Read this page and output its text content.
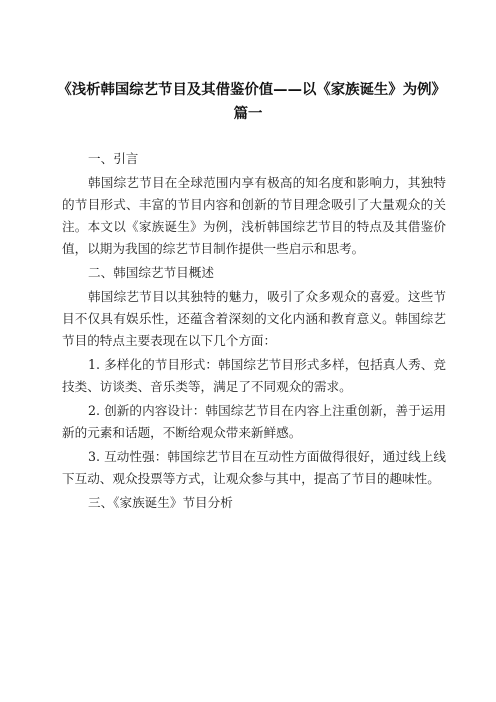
《浅析韩国综艺节目及其借鉴价值——以《家族诞生》为例》篇一

一、引言

韩国综艺节目在全球范围内享有极高的知名度和影响力，其独特的节目形式、丰富的节目内容和创新的节目理念吸引了大量观众的关注。本文以《家族诞生》为例，浅析韩国综艺节目的特点及其借鉴价值，以期为我国的综艺节目制作提供一些启示和思考。

二、韩国综艺节目概述

韩国综艺节目以其独特的魅力，吸引了众多观众的喜爱。这些节目不仅具有娱乐性，还蕴含着深刻的文化内涵和教育意义。韩国综艺节目的特点主要表现在以下几个方面：

1. 多样化的节目形式：韩国综艺节目形式多样，包括真人秀、竞技类、访谈类、音乐类等，满足了不同观众的需求。

2. 创新的内容设计：韩国综艺节目在内容上注重创新，善于运用新的元素和话题，不断给观众带来新鲜感。

3. 互动性强：韩国综艺节目在互动性方面做得很好，通过线上线下互动、观众投票等方式，让观众参与其中，提高了节目的趣味性。

三、《家族诞生》节目分析
